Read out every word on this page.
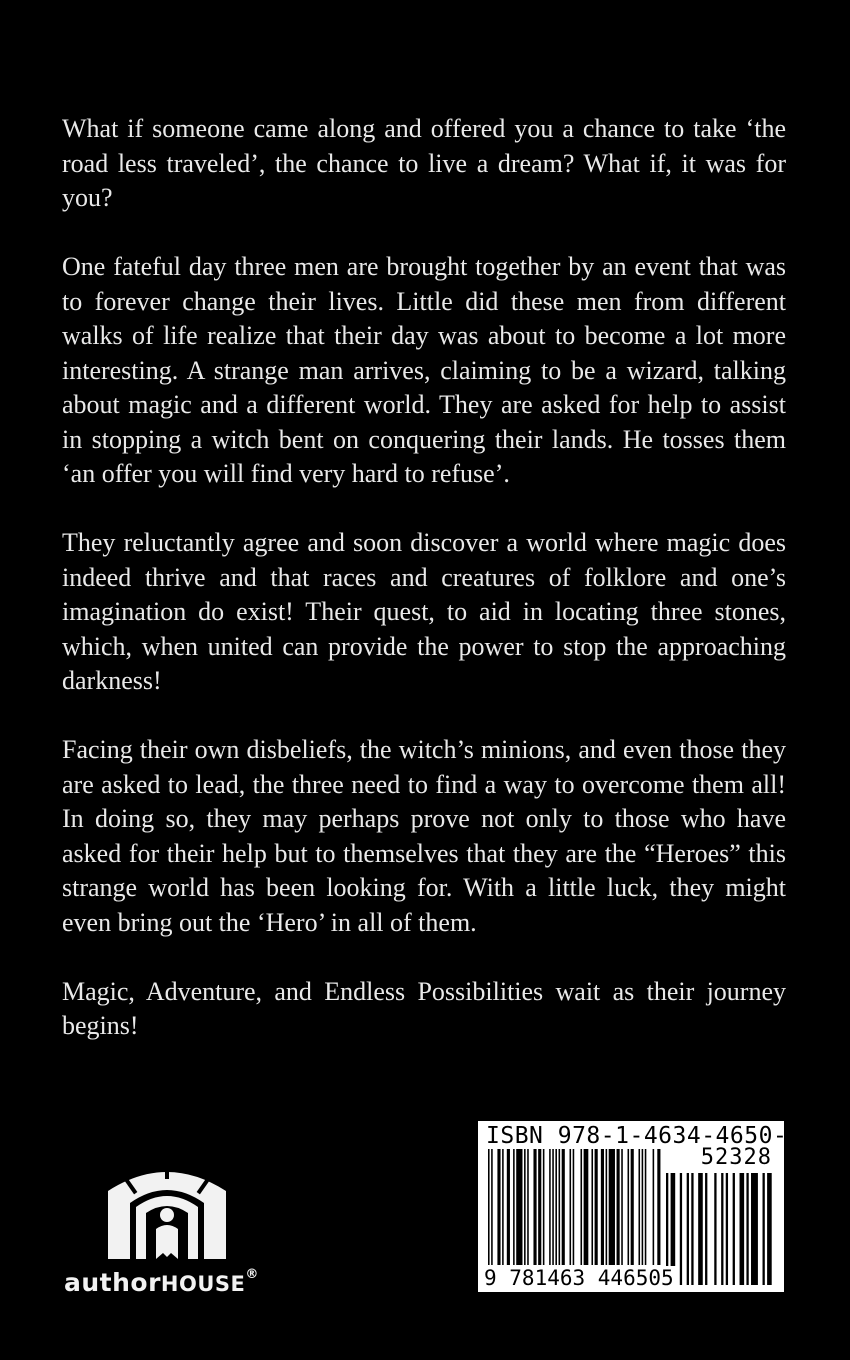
What if someone came along and offered you a chance to take ‘the road less traveled’, the chance to live a dream? What if, it was for you?

One fateful day three men are brought together by an event that was to forever change their lives. Little did these men from different walks of life realize that their day was about to become a lot more interesting. A strange man arrives, claiming to be a wizard, talking about magic and a different world. They are asked for help to assist in stopping a witch bent on conquering their lands. He tosses them ‘an offer you will find very hard to refuse’.

They reluctantly agree and soon discover a world where magic does indeed thrive and that races and creatures of folklore and one’s imagination do exist! Their quest, to aid in locating three stones, which, when united can provide the power to stop the approaching darkness!

Facing their own disbeliefs, the witch’s minions, and even those they are asked to lead, the three need to find a way to overcome them all! In doing so, they may perhaps prove not only to those who have asked for their help but to themselves that they are the “Heroes” this strange world has been looking for. With a little luck, they might even bring out the ‘Hero’ in all of them.

Magic, Adventure, and Endless Possibilities wait as their journey begins!

authorHOUSE®
ISBN 978-1-4634-4650-5
52328
9 781463 446505
